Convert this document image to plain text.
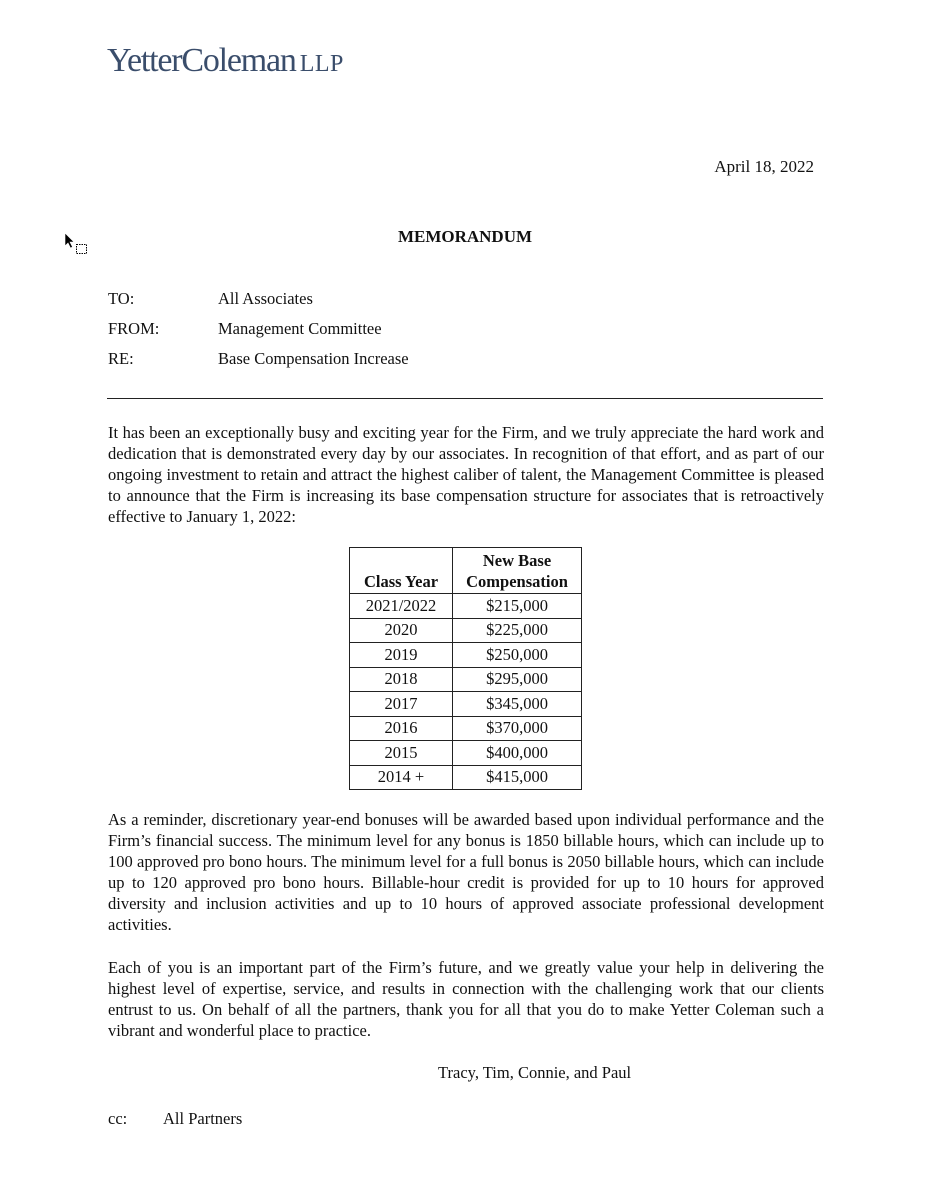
YetterColeman LLP
April 18, 2022
MEMORANDUM
TO:	All Associates
FROM:	Management Committee
RE:	Base Compensation Increase

It has been an exceptionally busy and exciting year for the Firm, and we truly appreciate the hard work and dedication that is demonstrated every day by our associates. In recognition of that effort, and as part of our ongoing investment to retain and attract the highest caliber of talent, the Management Committee is pleased to announce that the Firm is increasing its base compensation structure for associates that is retroactively effective to January 1, 2022:

Class Year	New Base
Compensation
2021/2022	$215,000
2020	$225,000
2019	$250,000
2018	$295,000
2017	$345,000
2016	$370,000
2015	$400,000
2014 +	$415,000

As a reminder, discretionary year-end bonuses will be awarded based upon individual performance and the Firm’s financial success. The minimum level for any bonus is 1850 billable hours, which can include up to 100 approved pro bono hours. The minimum level for a full bonus is 2050 billable hours, which can include up to 120 approved pro bono hours. Billable-hour credit is provided for up to 10 hours for approved diversity and inclusion activities and up to 10 hours of approved associate professional development activities.

Each of you is an important part of the Firm’s future, and we greatly value your help in delivering the highest level of expertise, service, and results in connection with the challenging work that our clients entrust to us. On behalf of all the partners, thank you for all that you do to make Yetter Coleman such a vibrant and wonderful place to practice.

Tracy, Tim, Connie, and Paul
cc: All Partners
